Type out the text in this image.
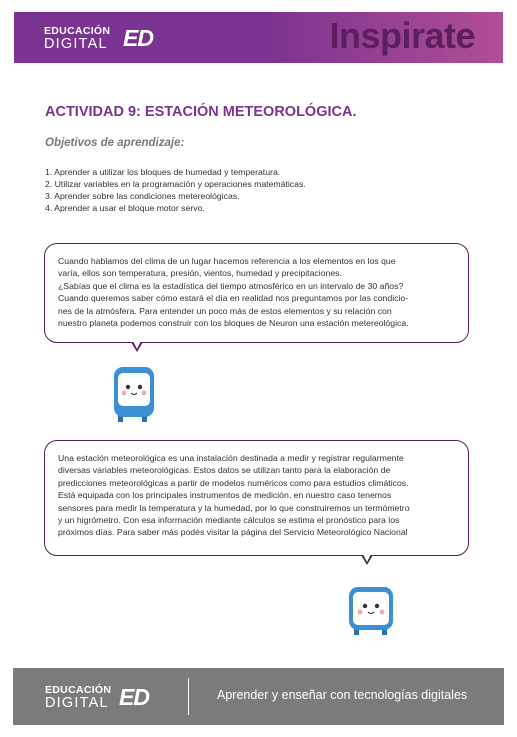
EDUCACIÓN
DIGITAL ED	Inspirate
ACTIVIDAD 9: ESTACIÓN METEOROLÓGICA.
Objetivos de aprendizaje:
1. Aprender a utilizar los bloques de humedad y temperatura.
2. Utilizar variables en la programación y operaciones matemáticas.
3. Aprender sobre las condiciones metereológicas.
4. Aprender a usar el bloque motor servo.
Cuando hablamos del clima de un lugar hacemos referencia a los elementos en los que
varía, ellos son temperatura, presión, vientos, humedad y precipitaciones.
¿Sabías que el clima es la estadística del tiempo atmosférico en un intervalo de 30 años?
Cuando queremos saber cómo estará el día en realidad nos preguntamos por las condicio-
nes de la atmósfera. Para entender un poco más de estos elementos y su relación con
nuestro planeta podemos construir con los bloques de Neuron una estación metereológica.
Una estación meteorológica es una instalación destinada a medir y registrar regularmente
diversas variables meteorológicas. Estos datos se utilizan tanto para la elaboración de
predicciones meteorológicas a partir de modelos numéricos como para estudios climáticos.
Está equipada con los principales instrumentos de medición, en nuestro caso tenemos
sensores para medir la temperatura y la humedad, por lo que construiremos un termómetro
y un higrómetro. Con esa información mediante cálculos se estima el pronóstico para los
próximos días. Para saber más podés visitar la página del Servicio Meteorológico Nacional
EDUCACIÓN
DIGITAL ED	Aprender y enseñar con tecnologías digitales
